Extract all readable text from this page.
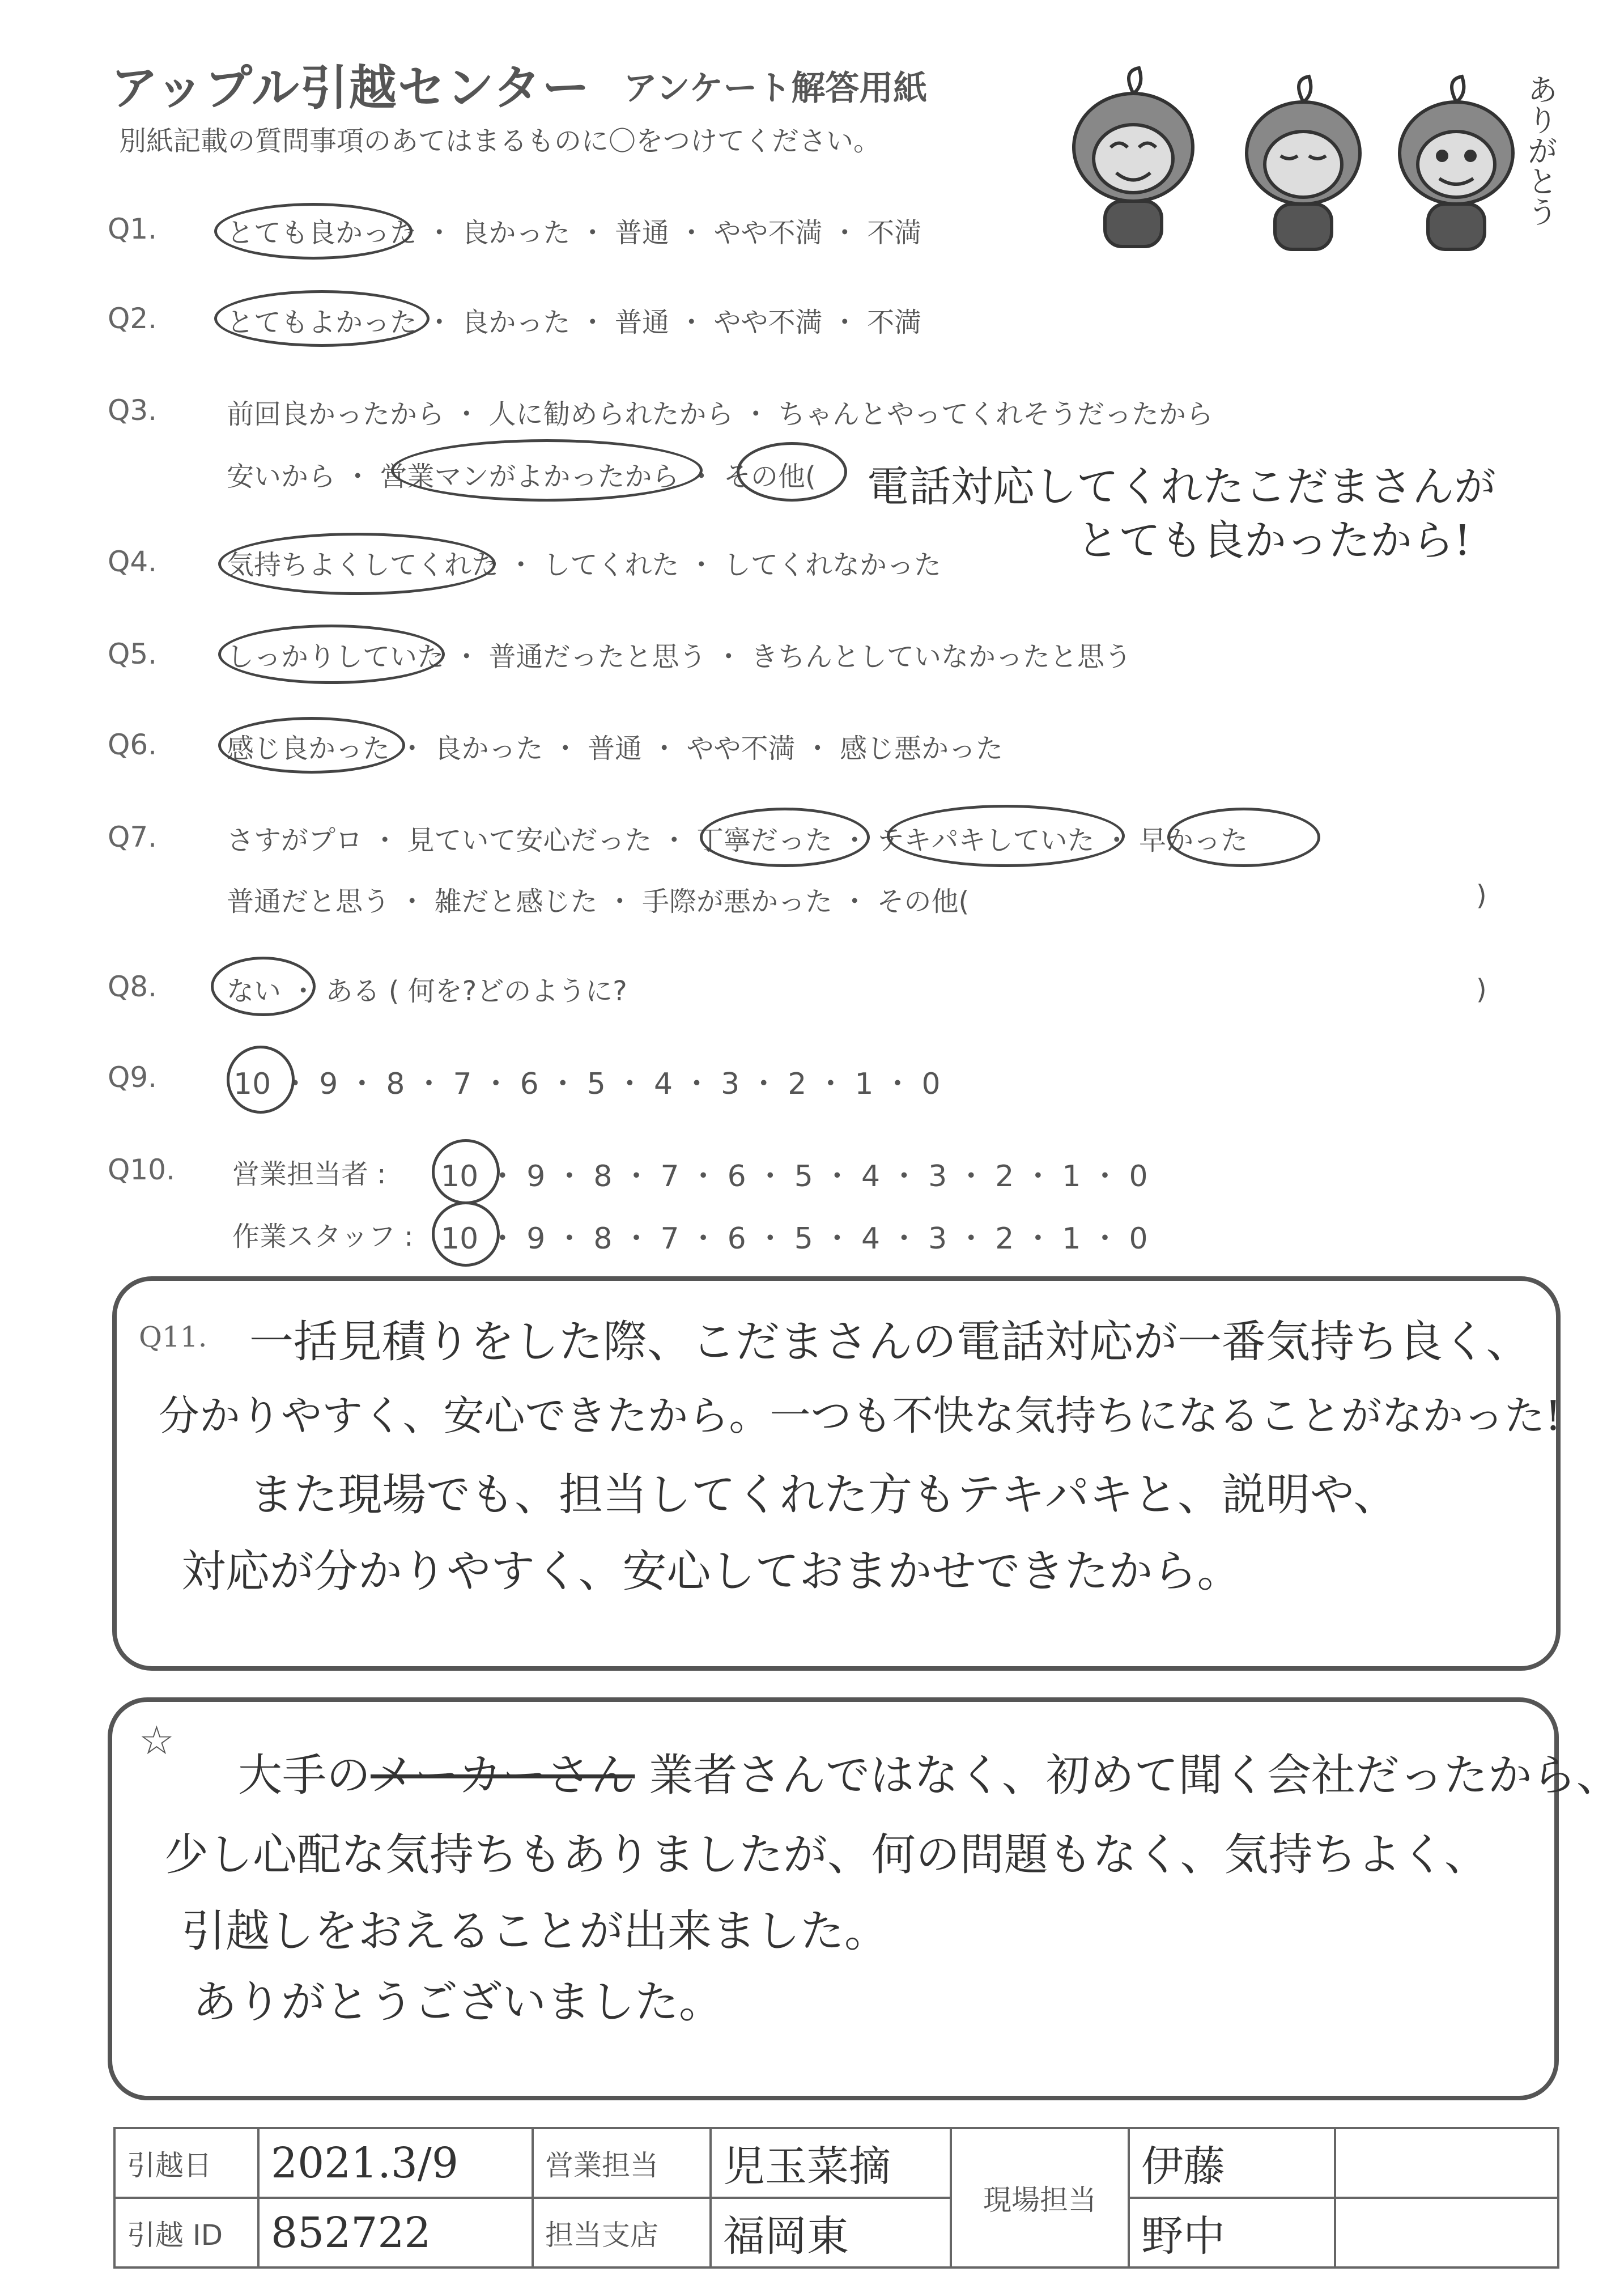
アップル引越センター アンケート解答用紙
別紙記載の質問事項のあてはまるものに〇をつけてください。	ありがとう
Q1.	とても良かった ・ 良かった ・ 普通 ・ やや不満 ・ 不満
Q2.	とてもよかった ・ 良かった ・ 普通 ・ やや不満 ・ 不満
Q3.	前回良かったから ・ 人に勧められたから ・ ちゃんとやってくれそうだったから
安いから ・ 営業マンがよかったから ・ その他( 電話対応してくれたこだまさんが
とても良かったから!
Q4.	気持ちよくしてくれた ・ してくれた ・ してくれなかった
Q5.	しっかりしていた ・ 普通だったと思う ・ きちんとしていなかったと思う
Q6.	感じ良かった ・ 良かった ・ 普通 ・ やや不満 ・ 感じ悪かった
Q7.	さすがプロ ・ 見ていて安心だった ・ 丁寧だった ・ テキパキしていた ・ 早かった
普通だと思う ・ 雑だと感じた ・ 手際が悪かった ・ その他(	)
Q8.	ない ・ ある ( 何を?どのように?	)
Q9.	10 ・ 9 ・ 8 ・ 7 ・ 6 ・ 5 ・ 4 ・ 3 ・ 2 ・ 1 ・ 0
Q10. 営業担当者 : 10 ・ 9 ・ 8 ・ 7 ・ 6 ・ 5 ・ 4 ・ 3 ・ 2 ・ 1 ・ 0
作業スタッフ : 10 ・ 9 ・ 8 ・ 7 ・ 6 ・ 5 ・ 4 ・ 3 ・ 2 ・ 1 ・ 0
Q11. 一括見積りをした際、こだまさんの電話対応が一番気持ち良く、
分かりやすく、安心できたから。一つも不快な気持ちになることがなかった!
また現場でも、担当してくれた方もテキパキと、説明や、
対応が分かりやすく、安心しておまかせできたから。
☆
大手のメーカーさん 業者さんではなく、初めて聞く会社だったから、
少し心配な気持ちもありましたが、何の問題もなく、気持ちよく、
引越しをおえることが出来ました。
ありがとうございました。
引越日	2021.3/9	営業担当	児玉菜摘	現場担当	伊藤	
引越 ID	852722	担当支店	福岡東		野中	
